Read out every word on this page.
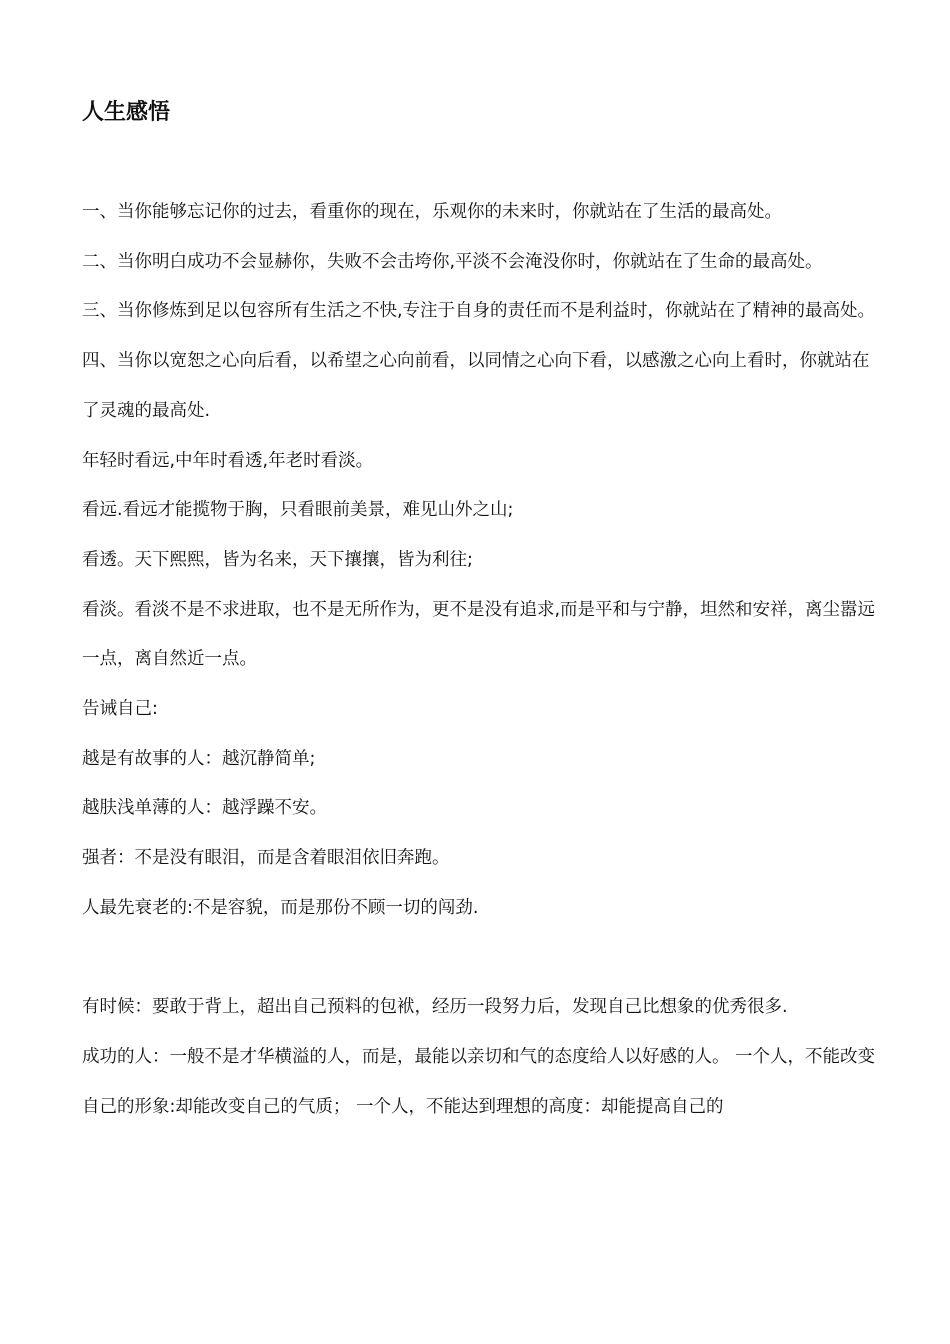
人生感悟

一、当你能够忘记你的过去，看重你的现在，乐观你的未来时，你就站在了生活的最高处。

二、当你明白成功不会显赫你，失败不会击垮你,平淡不会淹没你时，你就站在了生命的最高处。

三、当你修炼到足以包容所有生活之不快,专注于自身的责任而不是利益时，你就站在了精神的最高处。

四、当你以宽恕之心向后看，以希望之心向前看，以同情之心向下看，以感激之心向上看时，你就站在了灵魂的最高处.

年轻时看远,中年时看透,年老时看淡。

看远.看远才能揽物于胸，只看眼前美景，难见山外之山;

看透。天下熙熙，皆为名来，天下攘攘，皆为利往;

看淡。看淡不是不求进取，也不是无所作为，更不是没有追求,而是平和与宁静，坦然和安祥，离尘嚣远一点，离自然近一点。

告诫自己:

越是有故事的人：越沉静简单;

越肤浅单薄的人：越浮躁不安。

强者：不是没有眼泪，而是含着眼泪依旧奔跑。

人最先衰老的:不是容貌，而是那份不顾一切的闯劲.

有时候：要敢于背上，超出自己预料的包袱，经历一段努力后，发现自己比想象的优秀很多.

成功的人：一般不是才华横溢的人，而是，最能以亲切和气的态度给人以好感的人。 一个人，不能改变自己的形象:却能改变自己的气质； 一个人，不能达到理想的高度：却能提高自己的
